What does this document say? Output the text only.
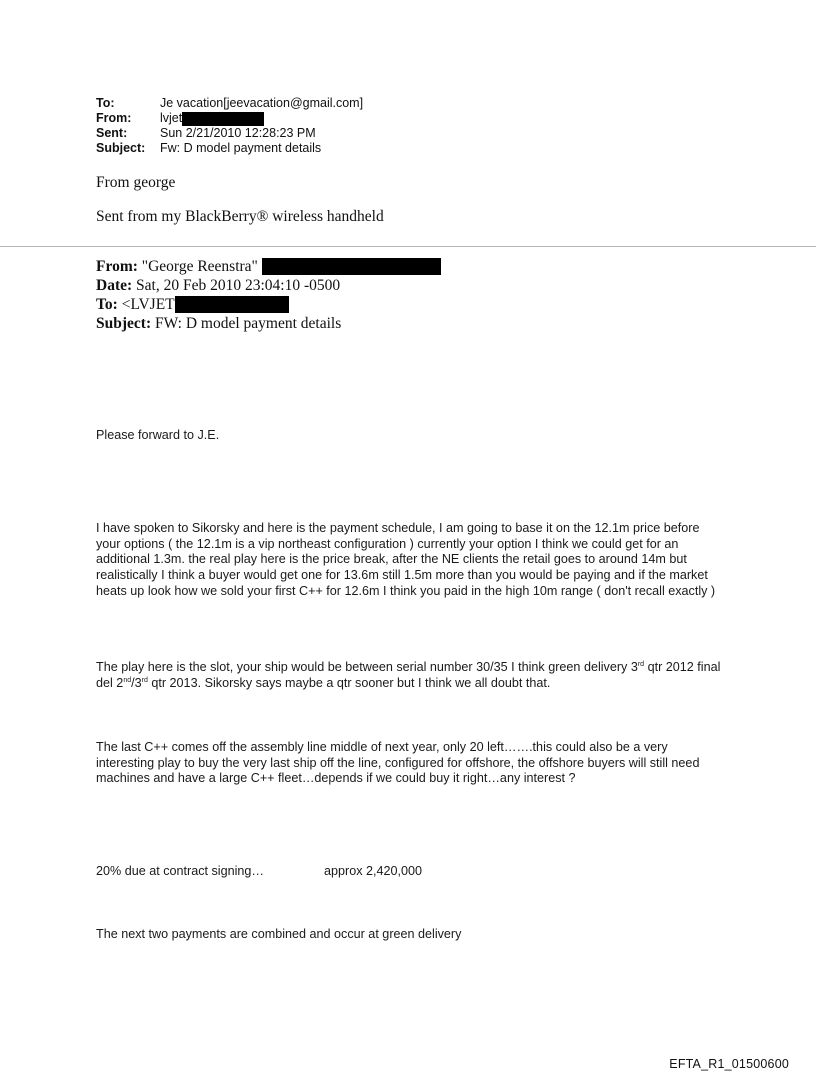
To:	Je vacation[jeevacation@gmail.com]
From:	lvjet
Sent:	Sun 2/21/2010 12:28:23 PM
Subject:	Fw: D model payment details
From george
Sent from my BlackBerry® wireless handheld
From:
"George Reenstra"

Date:
Sat, 20 Feb 2010 23:04:10 -0500
To:
<LVJET
Subject:
FW: D model payment details
Please forward to J.E.
I have spoken to Sikorsky and here is the payment schedule, I am going to base it on the 12.1m price before your options ( the 12.1m is a vip northeast configuration ) currently your option I think we could get for an additional 1.3m. the real play here is the price break, after the NE clients the retail goes to around 14m but realistically I think a buyer would get one for 13.6m still 1.5m more than you would be paying and if the market heats up look how we sold your first C++ for 12.6m I think you paid in the high 10m range ( don't recall exactly )
The play here is the slot, your ship would be between serial number 30/35 I think green delivery 3rd qtr 2012 final del 2nd/3rd qtr 2013. Sikorsky says maybe a qtr sooner but I think we all doubt that.
The last C++ comes off the assembly line middle of next year, only 20 left…….this could also be a very interesting play to buy the very last ship off the line, configured for offshore, the offshore buyers will still need machines and have a large C++ fleet…depends if we could buy it right…any interest ?
20% due at contract signing…	approx 2,420,000
The next two payments are combined and occur at green delivery
EFTA_R1_01500600
